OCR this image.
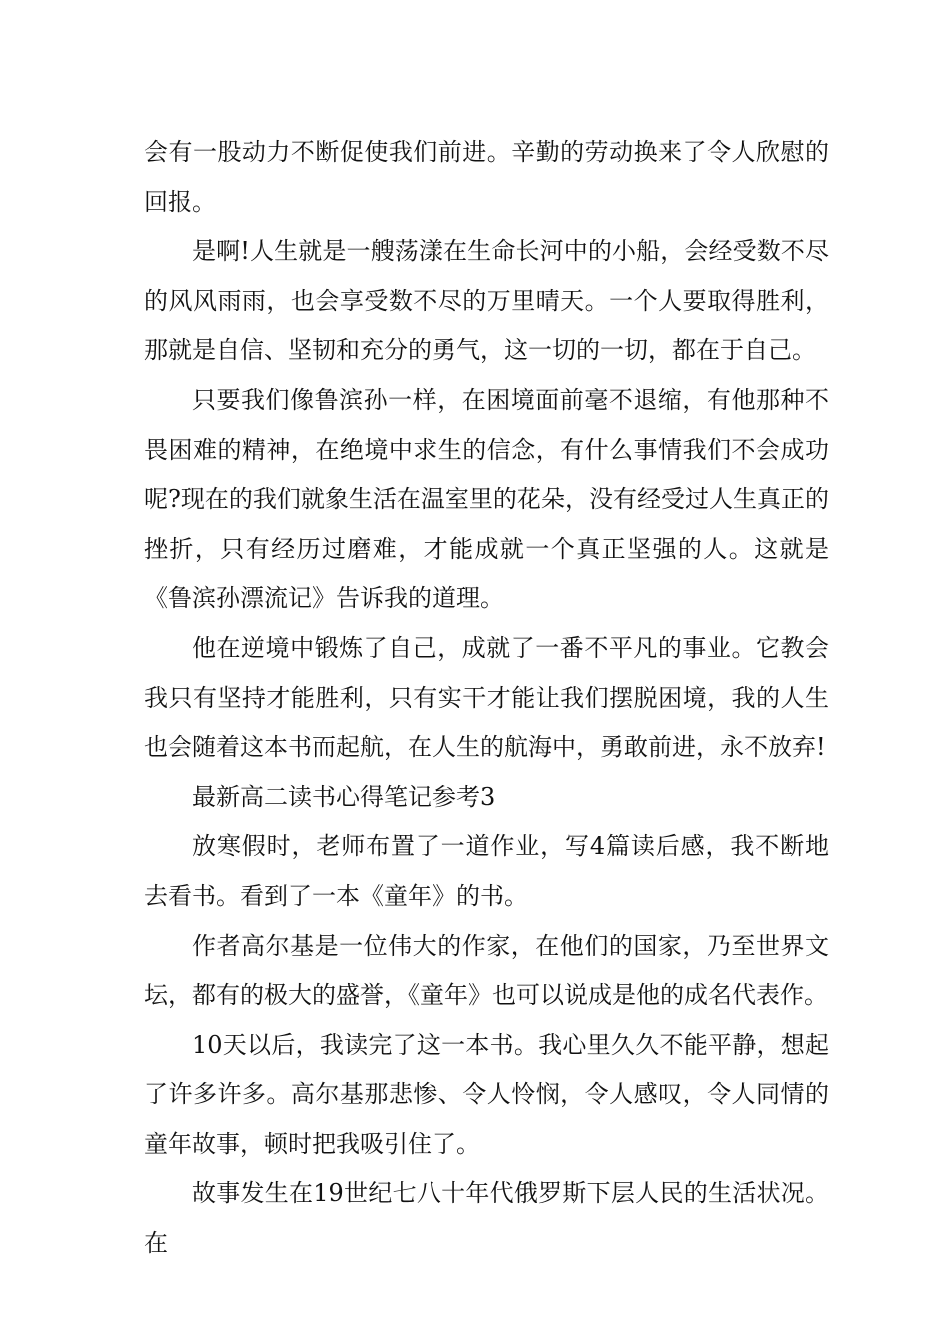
会有一股动力不断促使我们前进。辛勤的劳动换来了令人欣慰的回报。

是啊!人生就是一艘荡漾在生命长河中的小船，会经受数不尽的风风雨雨，也会享受数不尽的万里晴天。一个人要取得胜利，那就是自信、坚韧和充分的勇气，这一切的一切，都在于自己。

只要我们像鲁滨孙一样，在困境面前毫不退缩，有他那种不畏困难的精神，在绝境中求生的信念，有什么事情我们不会成功呢?现在的我们就象生活在温室里的花朵，没有经受过人生真正的挫折，只有经历过磨难，才能成就一个真正坚强的人。这就是《鲁滨孙漂流记》告诉我的道理。

他在逆境中锻炼了自己，成就了一番不平凡的事业。它教会我只有坚持才能胜利，只有实干才能让我们摆脱困境，我的人生也会随着这本书而起航，在人生的航海中，勇敢前进，永不放弃!

最新高二读书心得笔记参考3

放寒假时，老师布置了一道作业，写4篇读后感，我不断地去看书。看到了一本《童年》的书。

作者高尔基是一位伟大的作家，在他们的国家，乃至世界文坛，都有的极大的盛誉，《童年》也可以说成是他的成名代表作。

10天以后，我读完了这一本书。我心里久久不能平静，想起了许多许多。高尔基那悲惨、令人怜悯，令人感叹，令人同情的童年故事，顿时把我吸引住了。

故事发生在19世纪七八十年代俄罗斯下层人民的生活状况。在
